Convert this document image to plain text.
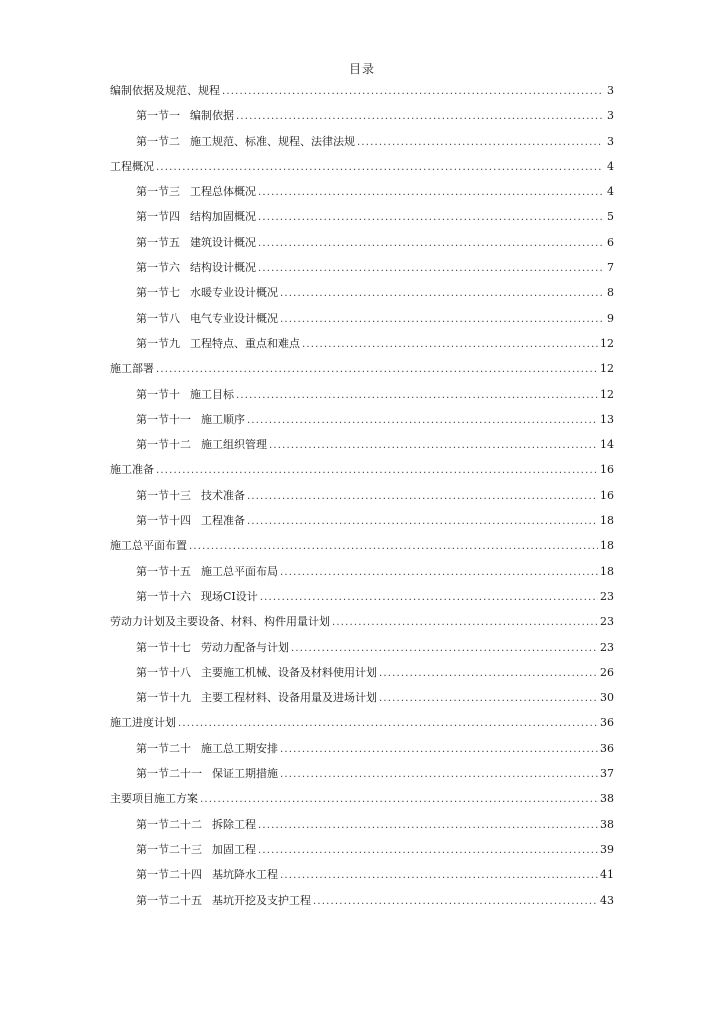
目录
编制依据及规范、规程 .....	3
第一节一 编制依据 .....	3
第一节二 施工规范、标准、规程、法律法规 .....	3
工程概况 .....	4
第一节三 工程总体概况 .....	4
第一节四 结构加固概况 .....	5
第一节五 建筑设计概况 .....	6
第一节六 结构设计概况 .....	7
第一节七 水暖专业设计概况 .....	8
第一节八 电气专业设计概况 .....	9
第一节九 工程特点、重点和难点 .....	12
施工部署 .....	12
第一节十 施工目标 .....	12
第一节十一 施工顺序 .....	13
第一节十二 施工组织管理 .....	14
施工准备 .....	16
第一节十三 技术准备 .....	16
第一节十四 工程准备 .....	18
施工总平面布置 .....	18
第一节十五 施工总平面布局 .....	18
第一节十六 现场CI设计 .....	23
劳动力计划及主要设备、材料、构件用量计划 .....	23
第一节十七 劳动力配备与计划 .....	23
第一节十八 主要施工机械、设备及材料使用计划 .....	26
第一节十九 主要工程材料、设备用量及进场计划 .....	30
施工进度计划 .....	36
第一节二十 施工总工期安排 .....	36
第一节二十一 保证工期措施 .....	37
主要项目施工方案 .....	38
第一节二十二 拆除工程 .....	38
第一节二十三 加固工程 .....	39
第一节二十四 基坑降水工程 .....	41
第一节二十五 基坑开挖及支护工程 .....	43
